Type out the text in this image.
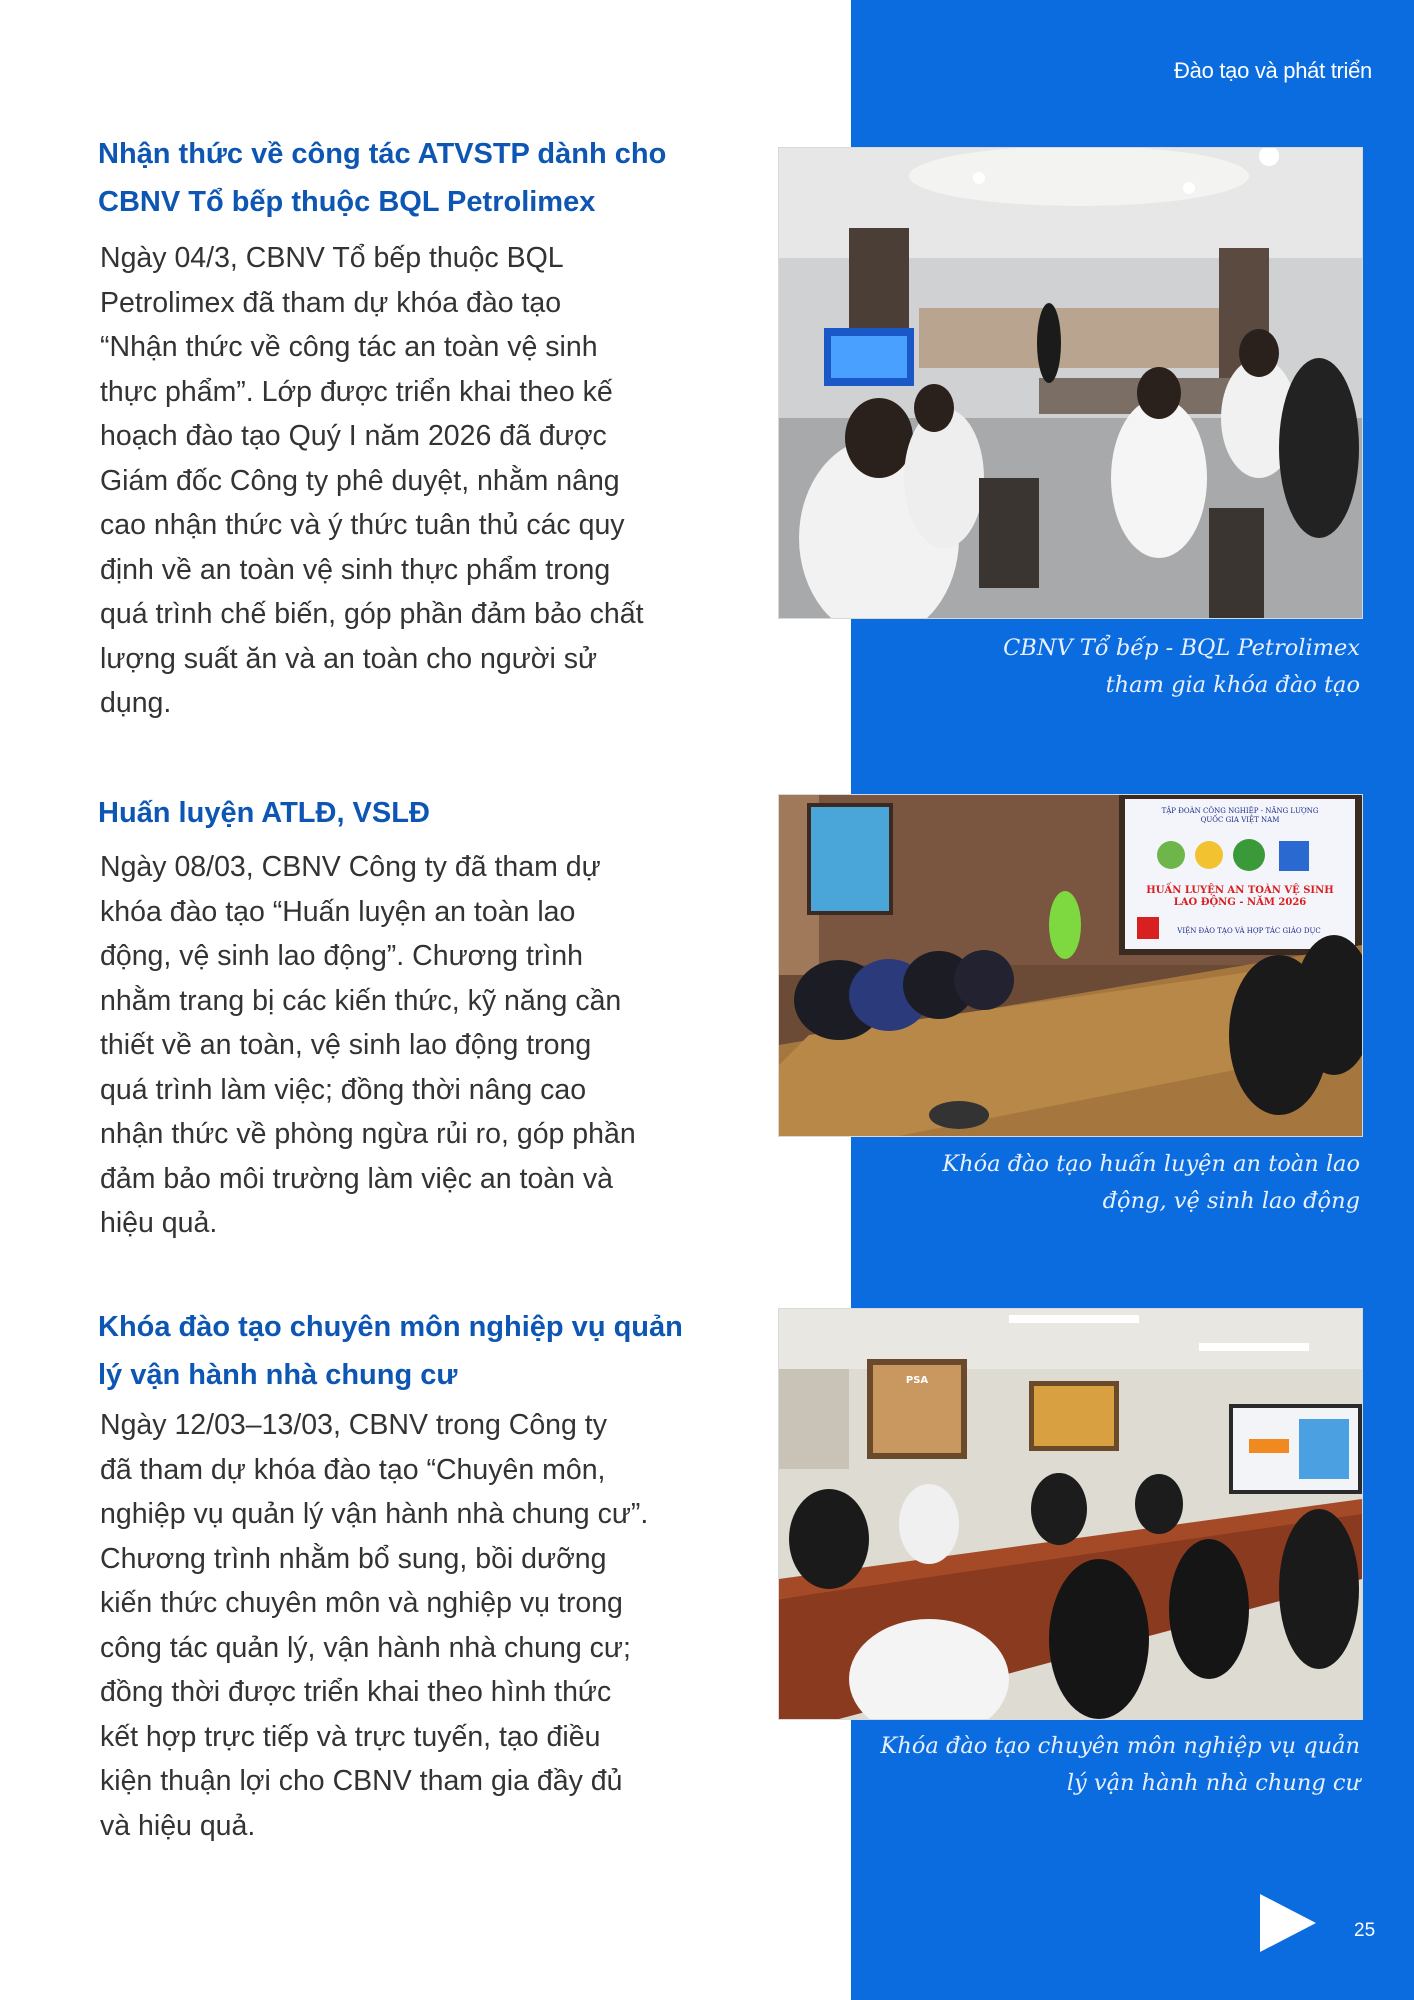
Đào tạo và phát triển
Nhận thức về công tác ATVSTP dành cho
CBNV Tổ bếp thuộc BQL Petrolimex
Ngày 04/3, CBNV Tổ bếp thuộc BQL
Petrolimex đã tham dự khóa đào tạo
“Nhận thức về công tác an toàn vệ sinh
thực phẩm”. Lớp được triển khai theo kế
hoạch đào tạo Quý I năm 2026 đã được
Giám đốc Công ty phê duyệt, nhằm nâng
cao nhận thức và ý thức tuân thủ các quy
định về an toàn vệ sinh thực phẩm trong
quá trình chế biến, góp phần đảm bảo chất
lượng suất ăn và an toàn cho người sử
dụng.
CBNV Tổ bếp - BQL Petrolimex
tham gia khóa đào tạo
Huấn luyện ATLĐ, VSLĐ
Ngày 08/03, CBNV Công ty đã tham dự
khóa đào tạo “Huấn luyện an toàn lao
động, vệ sinh lao động”. Chương trình
nhằm trang bị các kiến thức, kỹ năng cần
thiết về an toàn, vệ sinh lao động trong
quá trình làm việc; đồng thời nâng cao
nhận thức về phòng ngừa rủi ro, góp phần
đảm bảo môi trường làm việc an toàn và
hiệu quả.
TẬP ĐOÀN CÔNG NGHIỆP - NĂNG LƯỢNG
QUỐC GIA VIỆT NAM
HUẤN LUYỆN AN TOÀN VỆ SINH
LAO ĐỘNG - NĂM 2026
VIỆN ĐÀO TẠO VÀ HỢP TÁC GIÁO DỤC
Khóa đào tạo huấn luyện an toàn lao
động, vệ sinh lao động
Khóa đào tạo chuyên môn nghiệp vụ quản
lý vận hành nhà chung cư
Ngày 12/03–13/03, CBNV trong Công ty
đã tham dự khóa đào tạo “Chuyên môn,
nghiệp vụ quản lý vận hành nhà chung cư”.
Chương trình nhằm bổ sung, bồi dưỡng
kiến thức chuyên môn và nghiệp vụ trong
công tác quản lý, vận hành nhà chung cư;
đồng thời được triển khai theo hình thức
kết hợp trực tiếp và trực tuyến, tạo điều
kiện thuận lợi cho CBNV tham gia đầy đủ
và hiệu quả.
PSA
Khóa đào tạo chuyên môn nghiệp vụ quản
lý vận hành nhà chung cư
25
